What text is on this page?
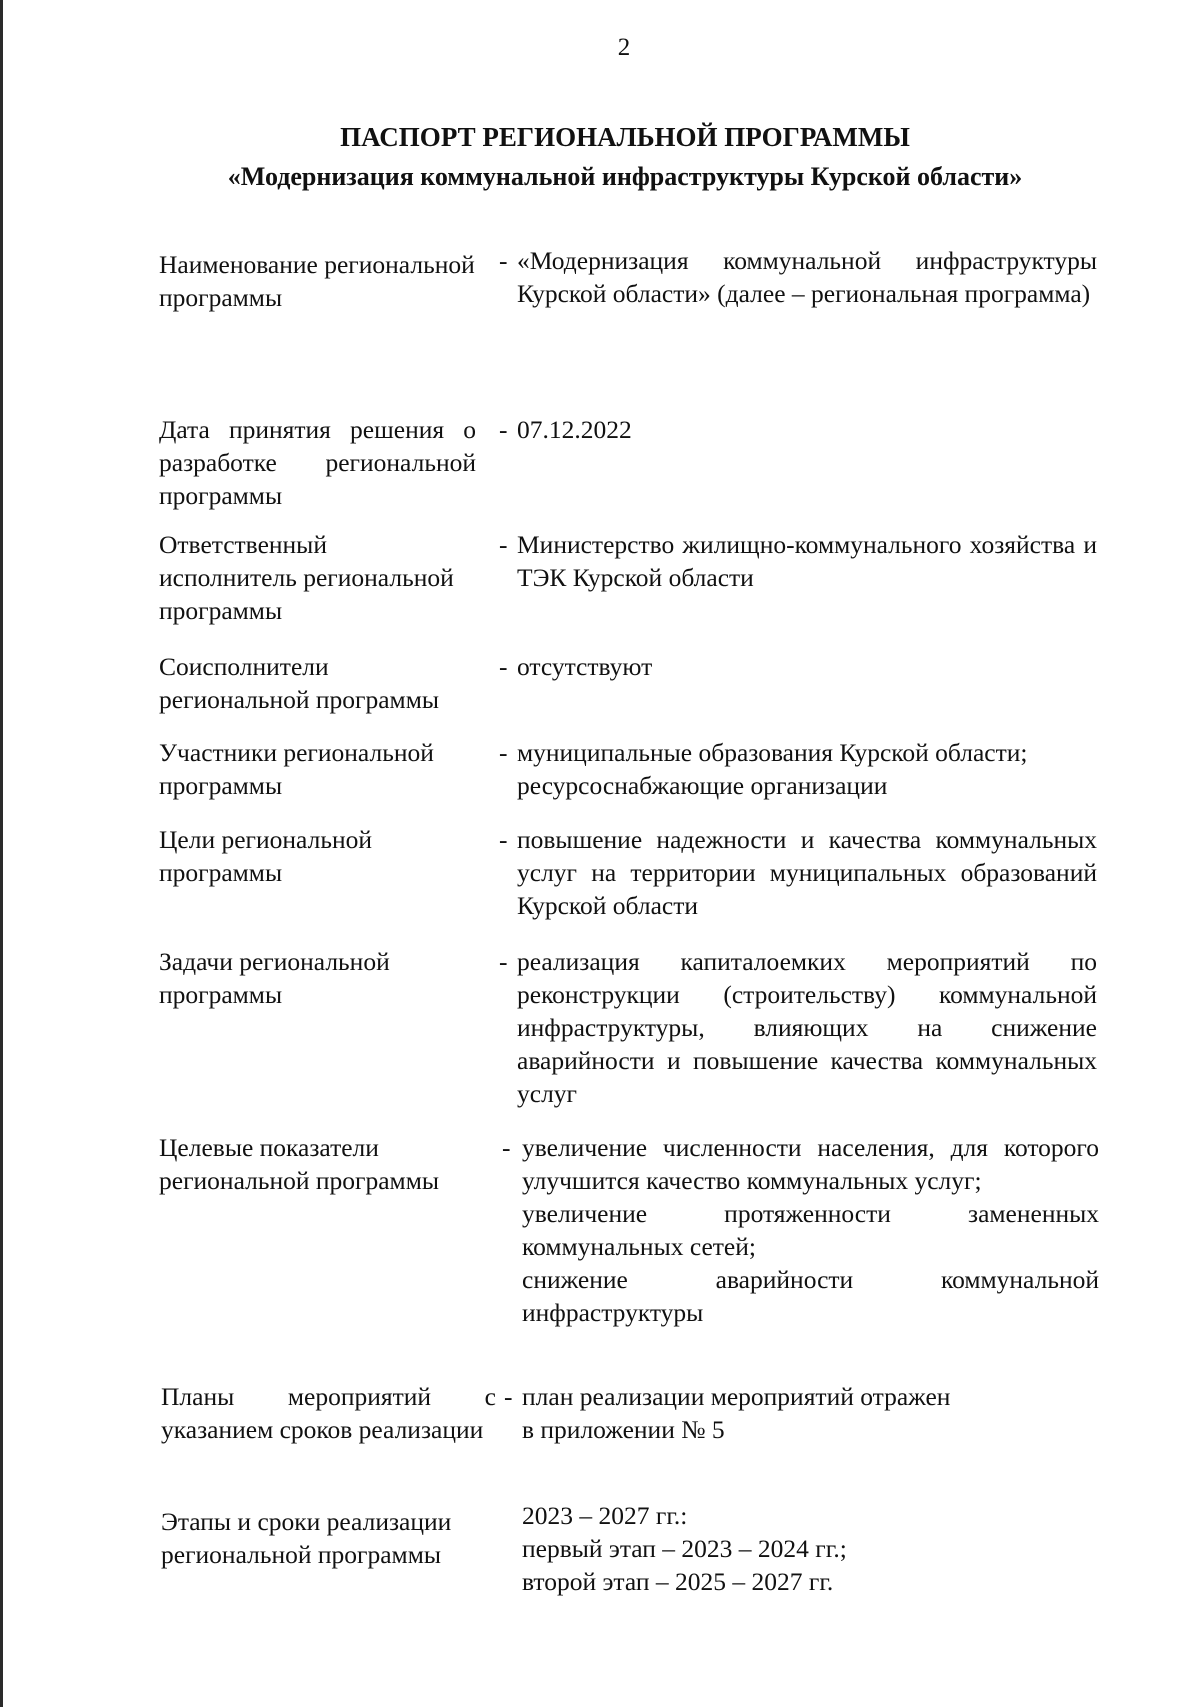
2
ПАСПОРТ РЕГИОНАЛЬНОЙ ПРОГРАММЫ
«Модернизация коммунальной инфраструктуры Курской области»
Наименование региональной программы
- «Модернизация коммунальной инфраструктуры Курской области» (далее – региональная программа)
Дата принятия решения о разработке региональной программы
- 07.12.2022
Ответственный исполнитель региональной программы
- Министерство жилищно-коммунального хозяйства и ТЭК Курской области
Соисполнители региональной программы
- отсутствуют
Участники региональной программы
- муниципальные образования Курской области;
ресурсоснабжающие организации
Цели региональной программы
- повышение надежности и качества коммунальных услуг на территории муниципальных образований Курской области
Задачи региональной программы
- реализация капиталоемких мероприятий по реконструкции (строительству) коммунальной инфраструктуры, влияющих на снижение аварийности и повышение качества коммунальных услуг
Целевые показатели региональной программы
- увеличение численности населения, для которого улучшится качество коммунальных услуг;
увеличение протяженности замененных коммунальных сетей;
снижение аварийности коммунальной инфраструктуры
Планы мероприятий с указанием сроков реализации
- план реализации мероприятий отражен
в приложении № 5
Этапы и сроки реализации региональной программы
2023 – 2027 гг.:
первый этап – 2023 – 2024 гг.;
второй этап – 2025 – 2027 гг.
